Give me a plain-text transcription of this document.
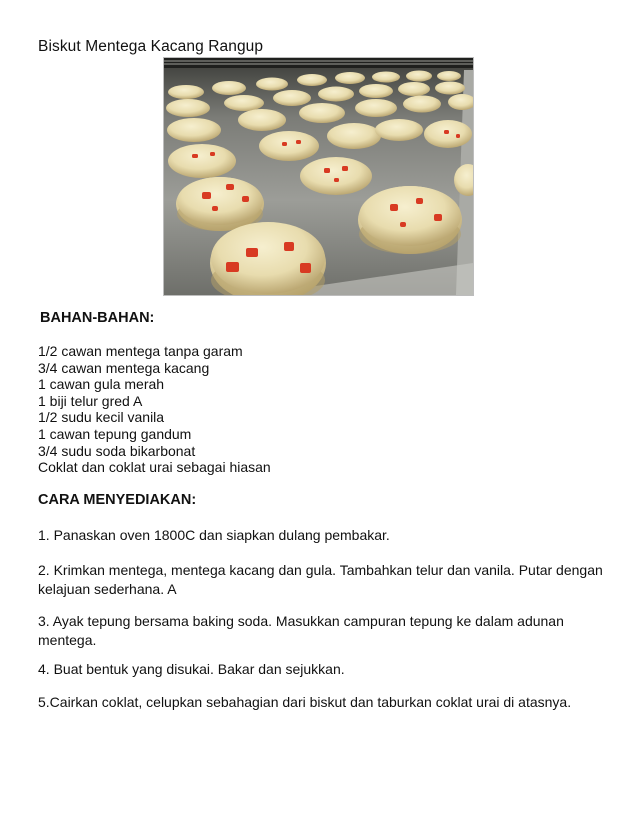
Biskut Mentega Kacang Rangup
BAHAN-BAHAN:
1/2 cawan mentega tanpa garam
3/4 cawan mentega kacang
1 cawan gula merah
1 biji telur gred A
1/2 sudu kecil vanila
1 cawan tepung gandum
3/4 sudu soda bikarbonat
Coklat dan coklat urai sebagai hiasan
CARA MENYEDIAKAN:

1. Panaskan oven 1800C dan siapkan dulang pembakar.

2. Krimkan mentega, mentega kacang dan gula. Tambahkan telur dan vanila. Putar dengan kelajuan sederhana. A

3. Ayak tepung bersama baking soda. Masukkan campuran tepung ke dalam adunan mentega.

4. Buat bentuk yang disukai. Bakar dan sejukkan.

5.Cairkan coklat, celupkan sebahagian dari biskut dan taburkan coklat urai di atasnya.
